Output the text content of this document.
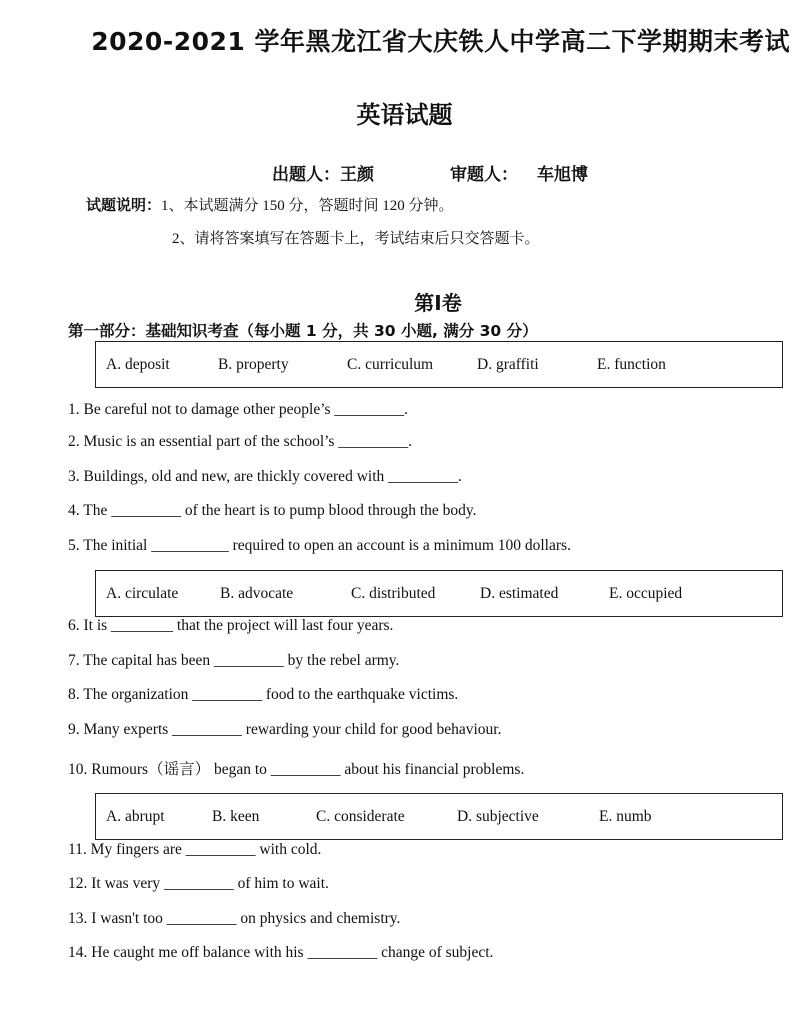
2020-2021 学年黑龙江省大庆铁人中学高二下学期期末考试
英语试题
出题人：王颜	审题人： 车旭博
试题说明：1、本试题满分 150 分，答题时间 120 分钟。
2、请将答案填写在答题卡上，考试结束后只交答题卡。
第Ⅰ卷
第一部分：基础知识考查（每小题 1 分，共 30 小题, 满分 30 分）
A. deposit	B. property	C. curriculum	D. graffiti	E. function
1. Be careful not to damage other people’s _________.
2. Music is an essential part of the school’s _________.
3. Buildings, old and new, are thickly covered with _________.
4. The _________ of the heart is to pump blood through the body.
5. The initial __________ required to open an account is a minimum 100 dollars.
A. circulate	B. advocate	C. distributed	D. estimated	E. occupied
6. It is ________ that the project will last four years.
7. The capital has been _________ by the rebel army.
8. The organization _________ food to the earthquake victims.
9. Many experts _________ rewarding your child for good behaviour.
10. Rumours（谣言） began to _________ about his financial problems.
A. abrupt	B. keen	C. considerate	D. subjective	E. numb
11. My fingers are _________ with cold.
12. It was very _________ of him to wait.
13. I wasn't too _________ on physics and chemistry.
14. He caught me off balance with his _________ change of subject.
